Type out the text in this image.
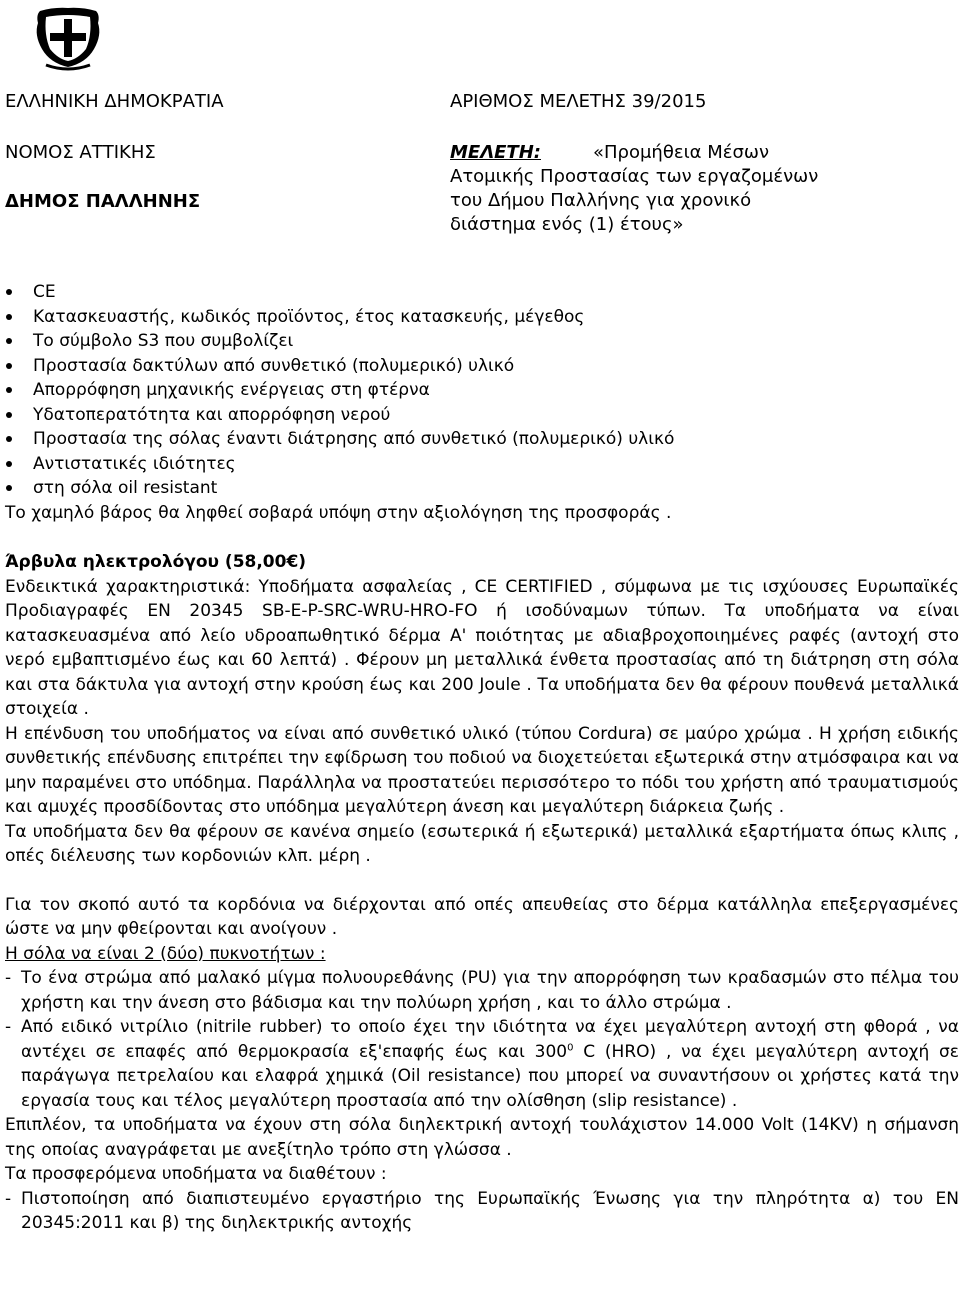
ΕΛΛΗΝΙΚΗ ΔΗΜΟΚΡΑΤΙΑ	ΑΡΙΘΜΟΣ ΜΕΛΕΤΗΣ 39/2015
ΝΟΜΟΣ ΑΤΤΙΚΗΣ
ΔΗΜΟΣ ΠΑΛΛΗΝΗΣ
ΜΕΛΕΤΗ:	«Προμήθεια Μέσων
Ατομικής Προστασίας των εργαζομένων
του Δήμου Παλλήνης για χρονικό
διάστημα ενός (1) έτους»
CE
Κατασκευαστής, κωδικός προϊόντος, έτος κατασκευής, μέγεθος
Το σύμβολο S3 που συμβολίζει
Προστασία δακτύλων από συνθετικό (πολυμερικό) υλικό
Απορρόφηση μηχανικής ενέργειας στη φτέρνα
Υδατοπερατότητα και απορρόφηση νερού
Προστασία της σόλας έναντι διάτρησης από συνθετικό (πολυμερικό) υλικό
Αντιστατικές ιδιότητες
στη σόλα oil resistant
Το χαμηλό βάρος θα ληφθεί σοβαρά υπόψη στην αξιολόγηση της προσφοράς .

Άρβυλα ηλεκτρολόγου (58,00€)

Ενδεικτικά χαρακτηριστικά: Υποδήματα ασφαλείας , CE CERTIFIED , σύμφωνα με τις ισχύουσες Ευρωπαϊκές Προδιαγραφές EN 20345 SB-E-P-SRC-WRU-HRO-FO ή ισοδύναμων τύπων. Τα υποδήματα να είναι κατασκευασμένα από λείο υδροαπωθητικό δέρμα Α' ποιότητας με αδιαβροχοποιημένες ραφές (αντοχή στο νερό εμβαπτισμένο έως και 60 λεπτά) . Φέρουν μη μεταλλικά ένθετα προστασίας από τη διάτρηση στη σόλα και στα δάκτυλα για αντοχή στην κρούση έως και 200 Joule . Τα υποδήματα δεν θα φέρουν πουθενά μεταλλικά στοιχεία .

Η επένδυση του υποδήματος να είναι από συνθετικό υλικό (τύπου Cordura) σε μαύρο χρώμα . Η χρήση ειδικής συνθετικής επένδυσης επιτρέπει την εφίδρωση του ποδιού να διοχετεύεται εξωτερικά στην ατμόσφαιρα και να μην παραμένει στο υπόδημα. Παράλληλα να προστατεύει περισσότερο το πόδι του χρήστη από τραυματισμούς και αμυχές προσδίδοντας στο υπόδημα μεγαλύτερη άνεση και μεγαλύτερη διάρκεια ζωής .

Τα υποδήματα δεν θα φέρουν σε κανένα σημείο (εσωτερικά ή εξωτερικά) μεταλλικά εξαρτήματα όπως κλιπς , οπές διέλευσης των κορδονιών κλπ. μέρη .

Για τον σκοπό αυτό τα κορδόνια να διέρχονται από οπές απευθείας στο δέρμα κατάλληλα επεξεργασμένες ώστε να μην φθείρονται και ανοίγουν .

Η σόλα να είναι 2 (δύο) πυκνοτήτων :

- Το ένα στρώμα από μαλακό μίγμα πολυουρεθάνης (PU) για την απορρόφηση των κραδασμών στο πέλμα του χρήστη και την άνεση στο βάδισμα και την πολύωρη χρήση , και το άλλο στρώμα .

- Από ειδικό νιτρίλιο (nitrile rubber) το οποίο έχει την ιδιότητα να έχει μεγαλύτερη αντοχή στη φθορά , να αντέχει σε επαφές από θερμοκρασία εξ'επαφής έως και $300^0$ C (HRO) , να έχει μεγαλύτερη αντοχή σε παράγωγα πετρελαίου και ελαφρά χημικά (Oil resistance) που μπορεί να συναντήσουν οι χρήστες κατά την εργασία τους και τέλος μεγαλύτερη προστασία από την ολίσθηση (slip resistance) .

Επιπλέον, τα υποδήματα να έχουν στη σόλα διηλεκτρική αντοχή τουλάχιστον 14.000 Volt (14KV) η σήμανση της οποίας αναγράφεται με ανεξίτηλο τρόπο στη γλώσσα .

Τα προσφερόμενα υποδήματα να διαθέτουν :

- Πιστοποίηση από διαπιστευμένο εργαστήριο της Ευρωπαϊκής Ένωσης για την πληρότητα α) του EN 20345:2011 και β) της διηλεκτρικής αντοχής
